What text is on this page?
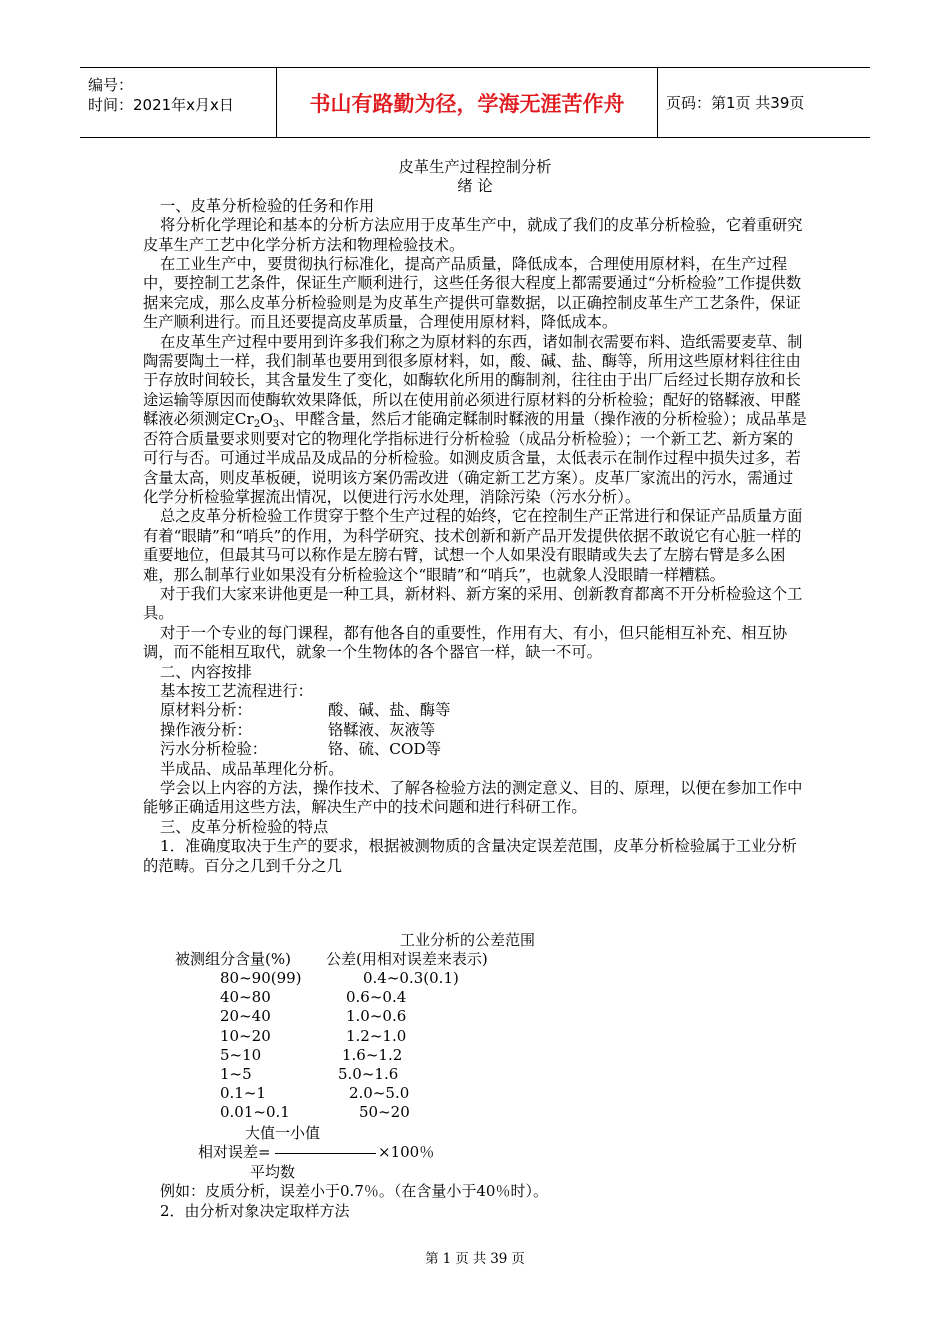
编号：
时间：2021年x月x日	书山有路勤为径，学海无涯苦作舟	页码：第1页 共39页

皮革生产过程控制分析

绪 论

一、皮革分析检验的任务和作用

将分析化学理论和基本的分析方法应用于皮革生产中，就成了我们的皮革分析检验，它着重研究皮革生产工艺中化学分析方法和物理检验技术。

在工业生产中，要贯彻执行标准化，提高产品质量，降低成本，合理使用原材料，在生产过程中，要控制工艺条件，保证生产顺利进行，这些任务很大程度上都需要通过“分析检验”工作提供数据来完成，那么皮革分析检验则是为皮革生产提供可靠数据，以正确控制皮革生产工艺条件，保证生产顺利进行。而且还要提高皮革质量，合理使用原材料，降低成本。

在皮革生产过程中要用到许多我们称之为原材料的东西，诸如制衣需要布料、造纸需要麦草、制陶需要陶土一样，我们制革也要用到很多原材料，如，酸、碱、盐、酶等，所用这些原材料往往由于存放时间较长，其含量发生了变化，如酶软化所用的酶制剂，往往由于出厂后经过长期存放和长途运输等原因而使酶软效果降低，所以在使用前必须进行原材料的分析检验；配好的铬鞣液、甲醛鞣液必须测定$Cr_2O_3$、甲醛含量，然后才能确定鞣制时鞣液的用量（操作液的分析检验）；成品革是否符合质量要求则要对它的物理化学指标进行分析检验（成品分析检验）；一个新工艺、新方案的可行与否。可通过半成品及成品的分析检验。如测皮质含量，太低表示在制作过程中损失过多，若含量太高，则皮革板硬，说明该方案仍需改进（确定新工艺方案）。皮革厂家流出的污水，需通过化学分析检验掌握流出情况，以便进行污水处理，消除污染（污水分析）。

总之皮革分析检验工作贯穿于整个生产过程的始终，它在控制生产正常进行和保证产品质量方面有着“眼睛”和“哨兵”的作用，为科学研究、技术创新和新产品开发提供依据不敢说它有心脏一样的重要地位，但最其马可以称作是左膀右臂，试想一个人如果没有眼睛或失去了左膀右臂是多么困难，那么制革行业如果没有分析检验这个“眼睛”和“哨兵”，也就象人没眼睛一样糟糕。

对于我们大家来讲他更是一种工具，新材料、新方案的采用、创新教育都离不开分析检验这个工具。

对于一个专业的每门课程，都有他各自的重要性，作用有大、有小，但只能相互补充、相互协调，而不能相互取代，就象一个生物体的各个器官一样，缺一不可。

二、内容按排

基本按工艺流程进行：

原材料分析：	酸、碱、盐、酶等
操作液分析：	铬鞣液、灰液等
污水分析检验：	铬、硫、COD等

半成品、成品革理化分析。

学会以上内容的方法，操作技术、了解各检验方法的测定意义、目的、原理，以便在参加工作中能够正确适用这些方法，解决生产中的技术问题和进行科研工作。

三、皮革分析检验的特点

1．准确度取决于生产的要求，根据被测物质的含量决定误差范围，皮革分析检验属于工业分析的范畴。百分之几到千分之几

工业分析的公差范围
被测组分含量(%) 公差(用相对误差来表示)
80~90(99)	0.4~0.3(0.1)
40~80	0.6~0.4
20~40	1.0~0.6
10~20	1.2~1.0
5~10	1.6~1.2
1~5	5.0~1.6
0.1~1	2.0~5.0
0.01~0.1	50~20
大值一小值
相对误差=	×100％
平均数
例如：皮质分析，误差小于0.7％。（在含量小于40％时）。
2．由分析对象决定取样方法
第 1 页 共 39 页
